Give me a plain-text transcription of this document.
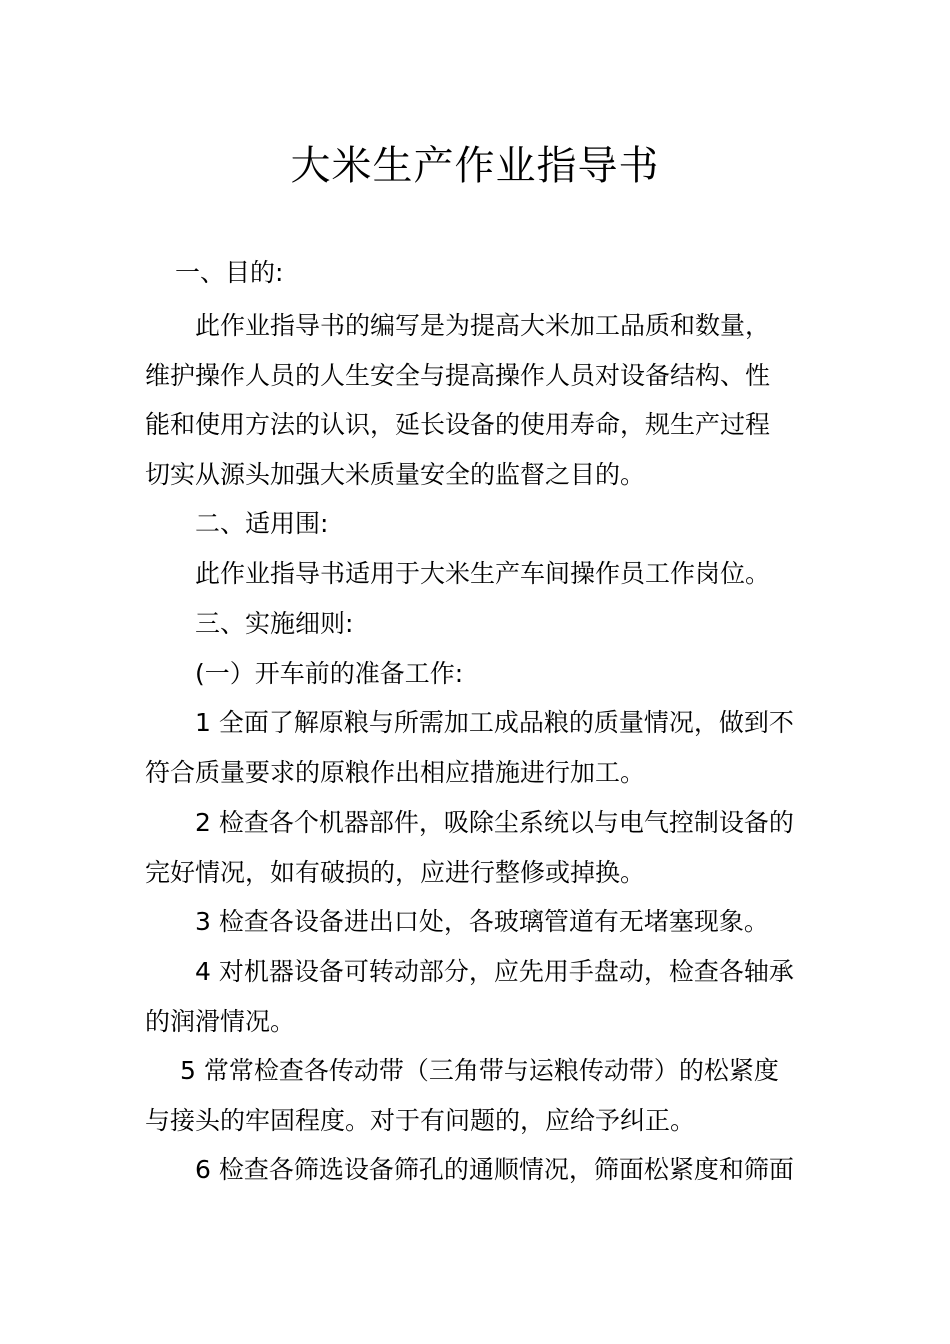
大米生产作业指导书
一、目的:
此作业指导书的编写是为提高大米加工品质和数量，
维护操作人员的人生安全与提高操作人员对设备结构、性
能和使用方法的认识，延长设备的使用寿命，规生产过程
切实从源头加强大米质量安全的监督之目的。
二、适用围:
此作业指导书适用于大米生产车间操作员工作岗位。
三、实施细则:
(一）开车前的准备工作:
1 全面了解原粮与所需加工成品粮的质量情况，做到不
符合质量要求的原粮作出相应措施进行加工。
2 检查各个机器部件，吸除尘系统以与电气控制设备的
完好情况，如有破损的，应进行整修或掉换。
3 检查各设备进出口处，各玻璃管道有无堵塞现象。
4 对机器设备可转动部分，应先用手盘动，检查各轴承
的润滑情况。
5 常常检查各传动带（三角带与运粮传动带）的松紧度
与接头的牢固程度。对于有问题的，应给予纠正。
6 检查各筛选设备筛孔的通顺情况，筛面松紧度和筛面
